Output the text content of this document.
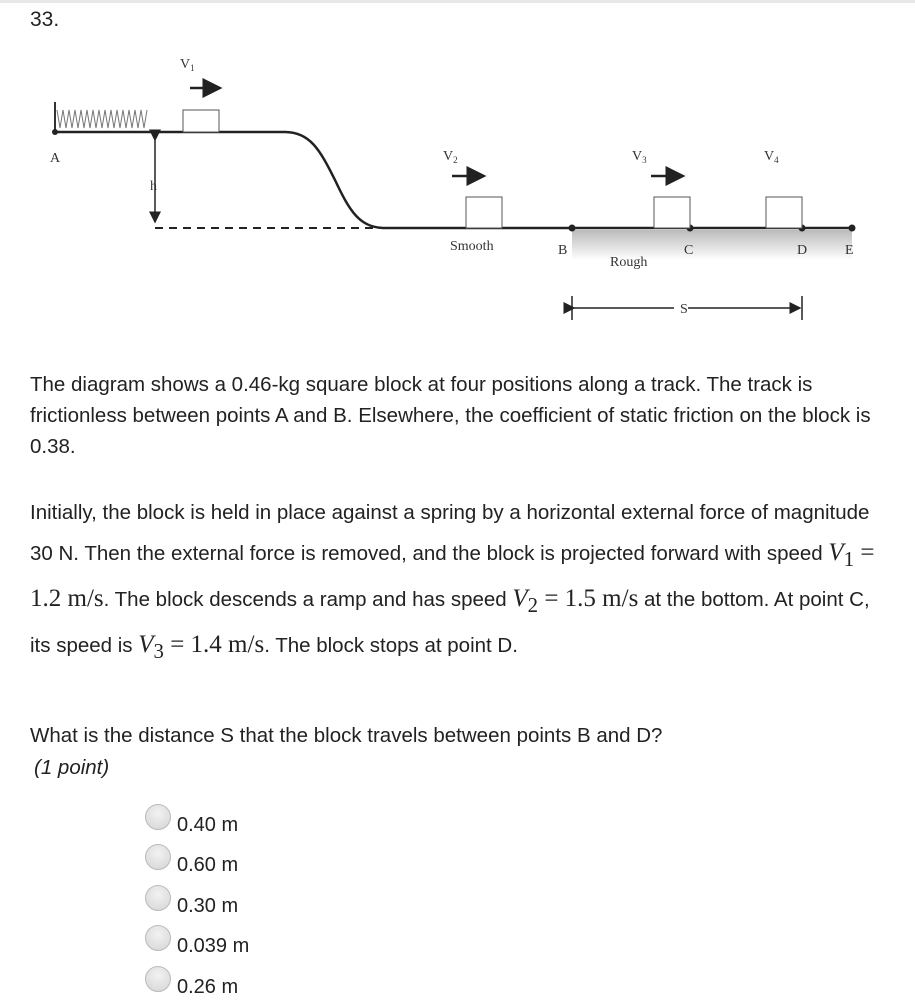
33.
S
A
h
Smooth	B	C	D	E
Rough
$V_1$
$V_2$	$V_3$	$V_4$
The diagram shows a 0.46-kg square block at four positions along a track. The track is frictionless between points A and B. Elsewhere, the coefficient of static friction on the block is 0.38.
Initially, the block is held in place against a spring by a horizontal external force of magnitude 30 N. Then the external force is removed, and the block is projected forward with speed $V_1 = 1.2$ m/s. The block descends a ramp and has speed $V_2 = 1.5$ m/s at the bottom. At point C, its speed is $V_3 = 1.4$ m/s. The block stops at point D.
What is the distance S that the block travels between points B and D?
(1 point)
0.40 m
0.60 m
0.30 m
0.039 m
0.26 m
